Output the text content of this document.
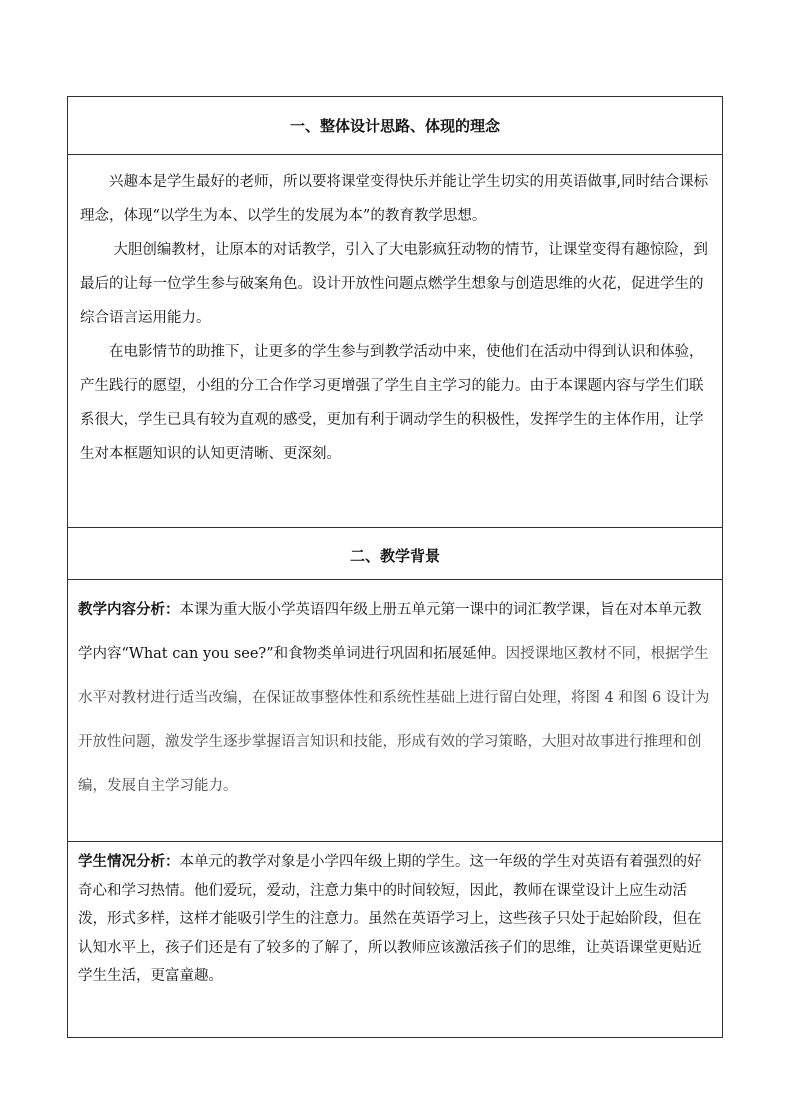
一、整体设计思路、体现的理念

兴趣本是学生最好的老师，所以要将课堂变得快乐并能让学生切实的用英语做事,同时结合课标理念，体现“以学生为本、以学生的发展为本”的教育教学思想。

大胆创编教材，让原本的对话教学，引入了大电影疯狂动物的情节，让课堂变得有趣惊险，到最后的让每一位学生参与破案角色。设计开放性问题点燃学生想象与创造思维的火花，促进学生的综合语言运用能力。

在电影情节的助推下，让更多的学生参与到教学活动中来，使他们在活动中得到认识和体验，产生践行的愿望，小组的分工合作学习更增强了学生自主学习的能力。由于本课题内容与学生们联系很大，学生已具有较为直观的感受，更加有利于调动学生的积极性，发挥学生的主体作用，让学生对本框题知识的认知更清晰、更深刻。

二、教学背景

教学内容分析：本课为重大版小学英语四年级上册五单元第一课中的词汇教学课，旨在对本单元教学内容“What can you see?”和食物类单词进行巩固和拓展延伸。因授课地区教材不同，根据学生水平对教材进行适当改编，在保证故事整体性和系统性基础上进行留白处理，将图 4 和图 6 设计为开放性问题，激发学生逐步掌握语言知识和技能，形成有效的学习策略，大胆对故事进行推理和创编，发展自主学习能力。

学生情况分析：本单元的教学对象是小学四年级上期的学生。这一年级的学生对英语有着强烈的好奇心和学习热情。他们爱玩，爱动，注意力集中的时间较短，因此，教师在课堂设计上应生动活泼，形式多样，这样才能吸引学生的注意力。虽然在英语学习上，这些孩子只处于起始阶段，但在认知水平上，孩子们还是有了较多的了解了，所以教师应该激活孩子们的思维，让英语课堂更贴近学生生活，更富童趣。
